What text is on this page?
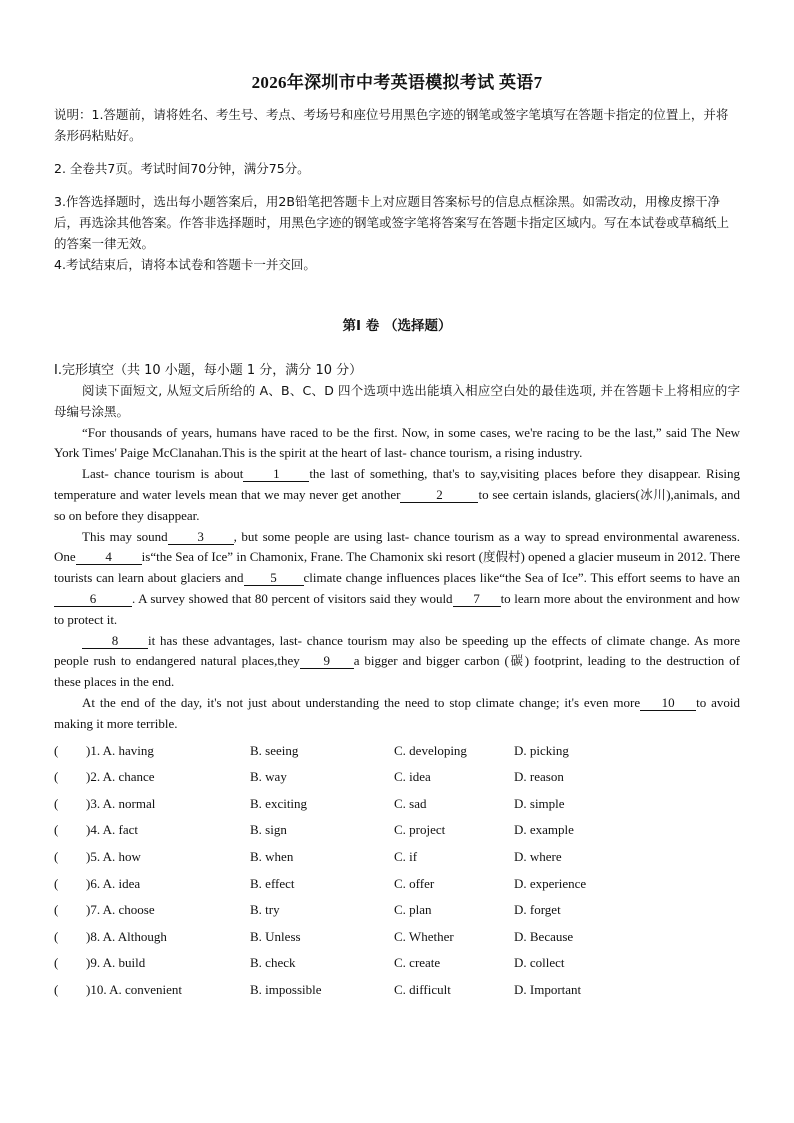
2026年深圳市中考英语模拟考试 英语7
说明：1.答题前，请将姓名、考生号、考点、考场号和座位号用黑色字迹的钢笔或签字笔填写在答题卡指定的位置上，并将条形码粘贴好。
2. 全卷共7页。考试时间70分钟，满分75分。
3.作答选择题时，选出每小题答案后，用2B铅笔把答题卡上对应题目答案标号的信息点框涂黑。如需改动，用橡皮擦干净后，再选涂其他答案。作答非选择题时，用黑色字迹的钢笔或签字笔将答案写在答题卡指定区域内。写在本试卷或草稿纸上的答案一律无效。
4.考试结束后，请将本试卷和答题卡一并交回。
第Ⅰ 卷 （选择题）
Ⅰ.完形填空（共 10 小题，每小题 1 分，满分 10 分）
阅读下面短文, 从短文后所给的 A、B、C、D 四个选项中选出能填入相应空白处的最佳选项, 并在答题卡上将相应的字母编号涂黑。

“For thousands of years, humans have raced to be the first. Now, in some cases, we're racing to be the last,” said The New York Times' Paige McClanahan.This is the spirit at the heart of last- chance tourism, a rising industry.

Last- chance tourism is about 1 the last of something, that's to say,visiting places before they disappear. Rising temperature and water levels mean that we may never get another	2	to see certain islands, glaciers(冰川),animals, and so on before they disappear.

This may sound 3 , but some people are using last- chance tourism as a way to spread environmental awareness. One 4 is“the Sea of Ice” in Chamonix, Frane. The Chamonix ski resort (度假村) opened a glacier museum in 2012. There tourists can learn about glaciers and 5 climate change influences places like“the Sea of Ice”. This effort seems to have an6	. A survey showed that 80 percent of visitors said they would 7 to learn more about the environment and how to protect it.

8 it has these advantages, last- chance tourism may also be speeding up the effects of climate change. As more people rush to endangered natural places,they 9 a bigger and bigger carbon (碳) footprint, leading to the destruction of these places in the end.

At the end of the day, it's not just about understanding the need to stop climate change; it's even more 10 to avoid making it more terrible.

( )1. A. having	B. seeing	C. developing	D. picking
( )2. A. chance	B. way	C. idea	D. reason
( )3. A. normal	B. exciting	C. sad	D. simple
( )4. A. fact	B. sign	C. project	D. example
( )5. A. how	B. when	C. if	D. where
( )6. A. idea	B. effect	C. offer	D. experience
( )7. A. choose	B. try	C. plan	D. forget
( )8. A. Although	B. Unless	C. Whether	D. Because
( )9. A. build	B. check	C. create	D. collect
( )10. A. convenient	B. impossible	C. difficult	D. Important
